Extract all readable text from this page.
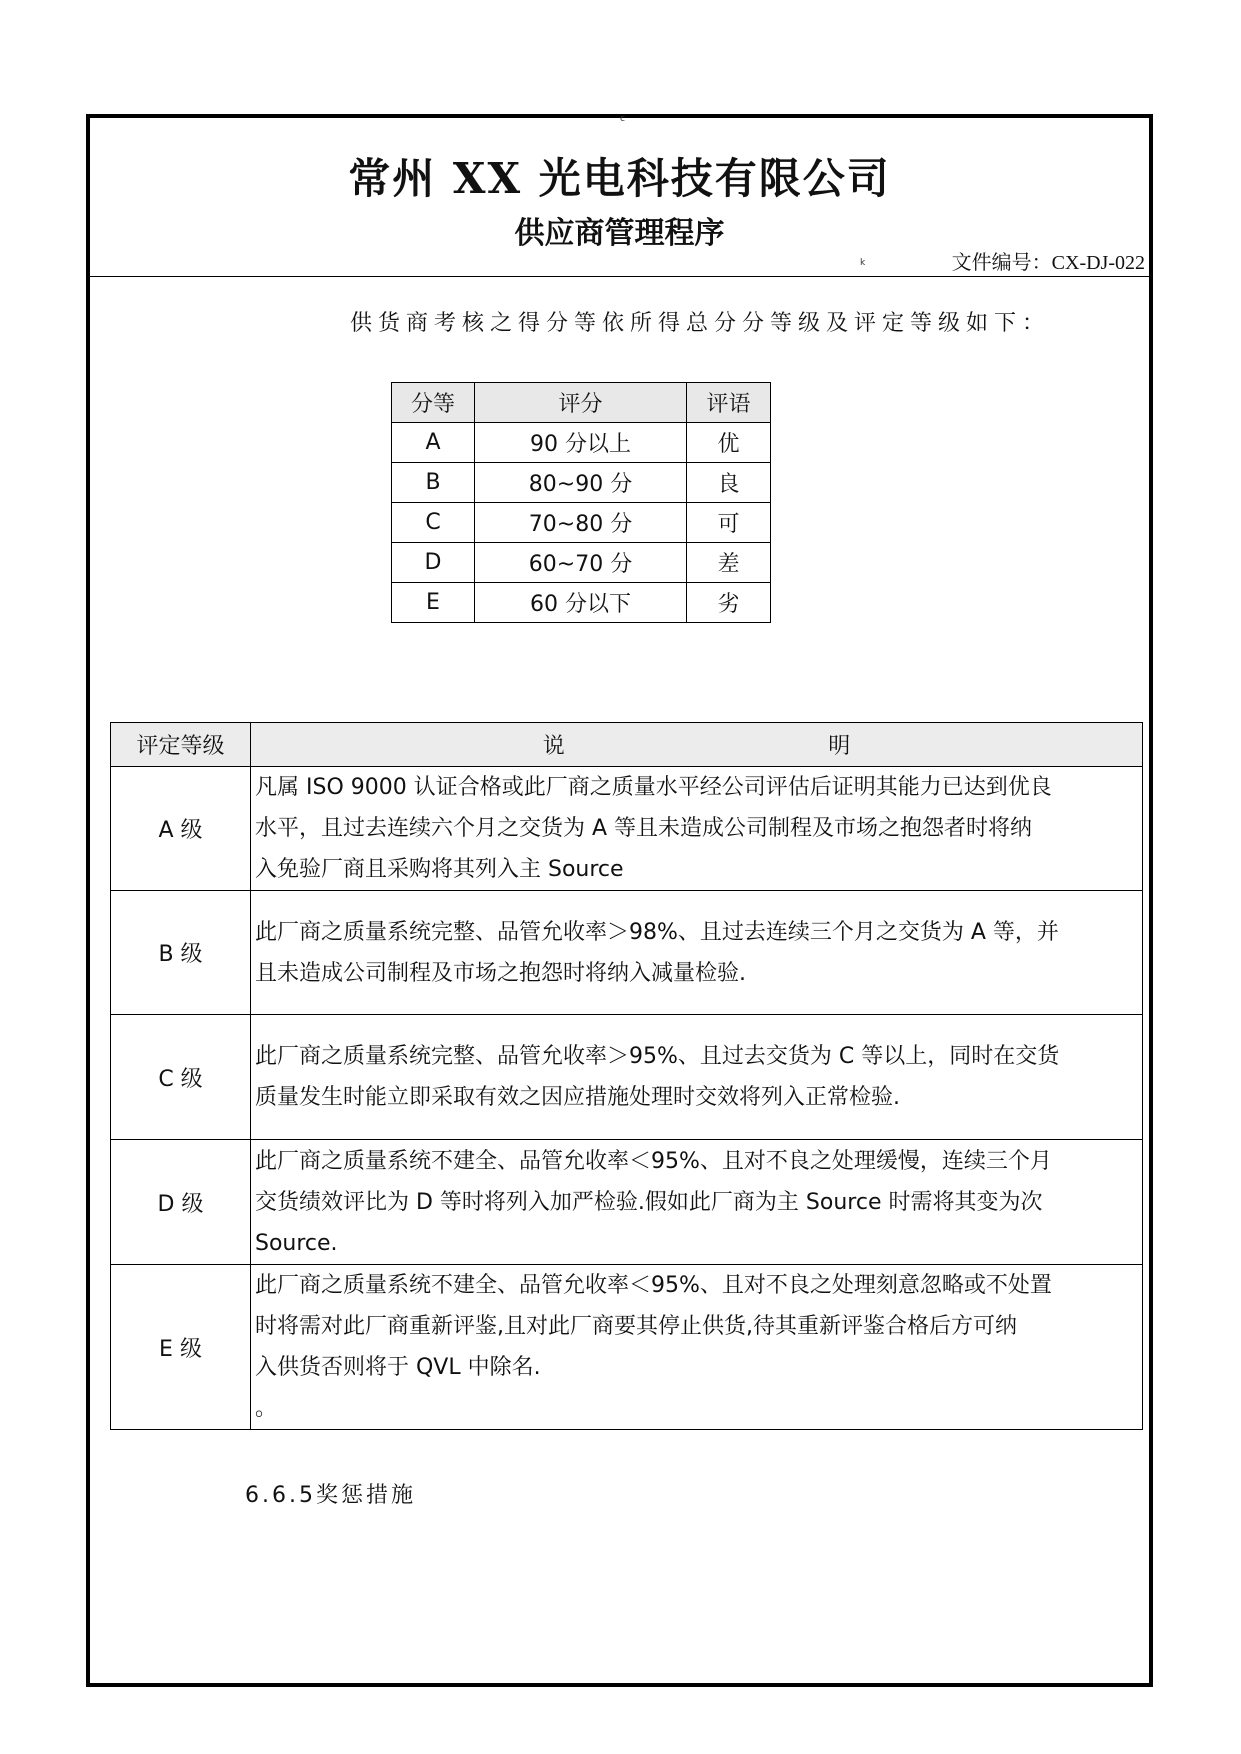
c
常州 XX 光电科技有限公司
供应商管理程序
k	文件编号：CX-DJ-022
供货商考核之得分等依所得总分分等级及评定等级如下：
分等	评分	评语
A	90 分以上	优
B	80~90 分	良
C	70~80 分	可
D	60~70 分	差
E	60 分以下	劣
评定等级	说 明

A 级	凡属 ISO 9000 认证合格或此厂商之质量水平经公司评估后证明其能力已达到优良
水平，且过去连续六个月之交货为 A 等且未造成公司制程及市场之抱怨者时将纳
入免验厂商且采购将其列入主 Source

B 级	此厂商之质量系统完整、品管允收率＞98%、且过去连续三个月之交货为 A 等，并
且未造成公司制程及市场之抱怨时将纳入减量检验.

C 级	此厂商之质量系统完整、品管允收率＞95%、且过去交货为 C 等以上，同时在交货
质量发生时能立即采取有效之因应措施处理时交效将列入正常检验.

D 级	此厂商之质量系统不建全、品管允收率＜95%、且对不良之处理缓慢，连续三个月
交货绩效评比为 D 等时将列入加严检验.假如此厂商为主 Source 时需将其变为次
Source.

E 级	此厂商之质量系统不建全、品管允收率＜95%、且对不良之处理刻意忽略或不处置
时将需对此厂商重新评鉴,且对此厂商要其停止供货,待其重新评鉴合格后方可纳
入供货否则将于 QVL 中除名.
。
6.6.5奖惩措施
